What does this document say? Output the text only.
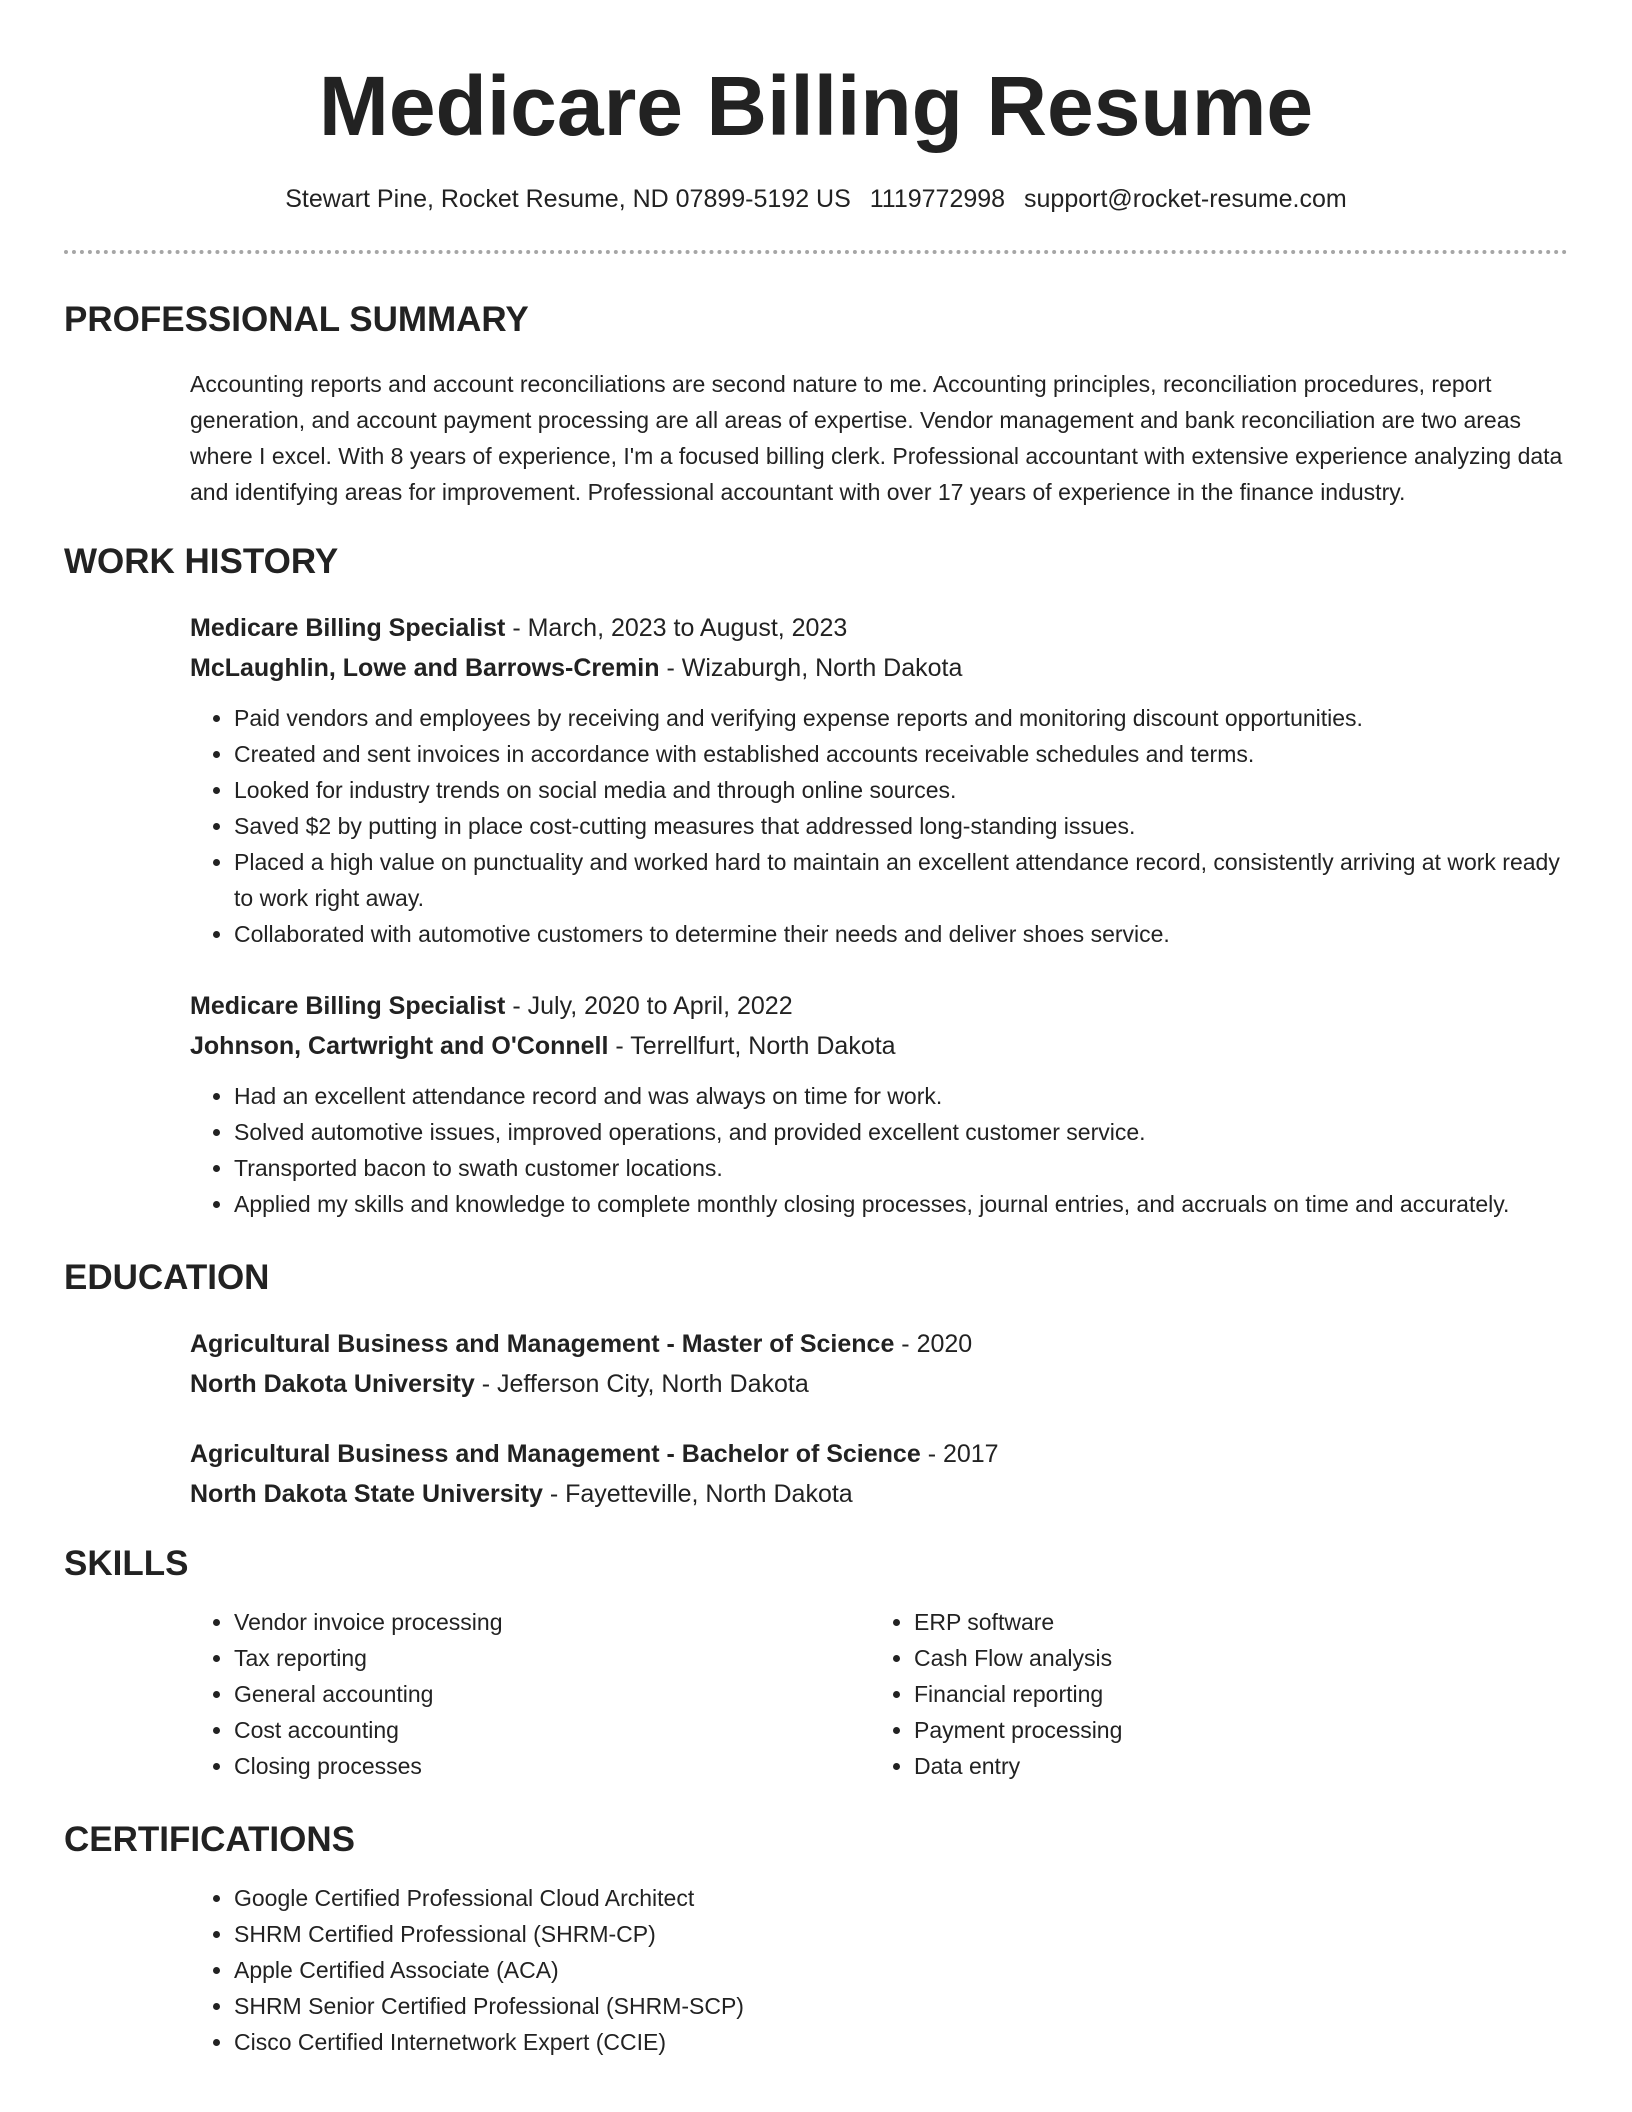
Medicare Billing Resume
Stewart Pine, Rocket Resume, ND 07899-5192 US 1119772998 support@rocket-resume.com
PROFESSIONAL SUMMARY
Accounting reports and account reconciliations are second nature to me. Accounting principles, reconciliation procedures, report generation, and account payment processing are all areas of expertise. Vendor management and bank reconciliation are two areas where I excel. With 8 years of experience, I'm a focused billing clerk. Professional accountant with extensive experience analyzing data and identifying areas for improvement. Professional accountant with over 17 years of experience in the finance industry.
WORK HISTORY
Medicare Billing Specialist - March, 2023 to August, 2023
McLaughlin, Lowe and Barrows-Cremin - Wizaburgh, North Dakota
• Paid vendors and employees by receiving and verifying expense reports and monitoring discount opportunities.
• Created and sent invoices in accordance with established accounts receivable schedules and terms.
• Looked for industry trends on social media and through online sources.
• Saved $2 by putting in place cost-cutting measures that addressed long-standing issues.
• Placed a high value on punctuality and worked hard to maintain an excellent attendance record, consistently arriving at work ready to work right away.
• Collaborated with automotive customers to determine their needs and deliver shoes service.
Medicare Billing Specialist - July, 2020 to April, 2022
Johnson, Cartwright and O'Connell - Terrellfurt, North Dakota
• Had an excellent attendance record and was always on time for work.
• Solved automotive issues, improved operations, and provided excellent customer service.
• Transported bacon to swath customer locations.
• Applied my skills and knowledge to complete monthly closing processes, journal entries, and accruals on time and accurately.
EDUCATION
Agricultural Business and Management - Master of Science - 2020
North Dakota University - Jefferson City, North Dakota
Agricultural Business and Management - Bachelor of Science - 2017
North Dakota State University - Fayetteville, North Dakota
SKILLS
• Vendor invoice processing
• Tax reporting
• General accounting
• Cost accounting
• Closing processes
• ERP software
• Cash Flow analysis
• Financial reporting
• Payment processing
• Data entry
CERTIFICATIONS
• Google Certified Professional Cloud Architect
• SHRM Certified Professional (SHRM-CP)
• Apple Certified Associate (ACA)
• SHRM Senior Certified Professional (SHRM-SCP)
• Cisco Certified Internetwork Expert (CCIE)
